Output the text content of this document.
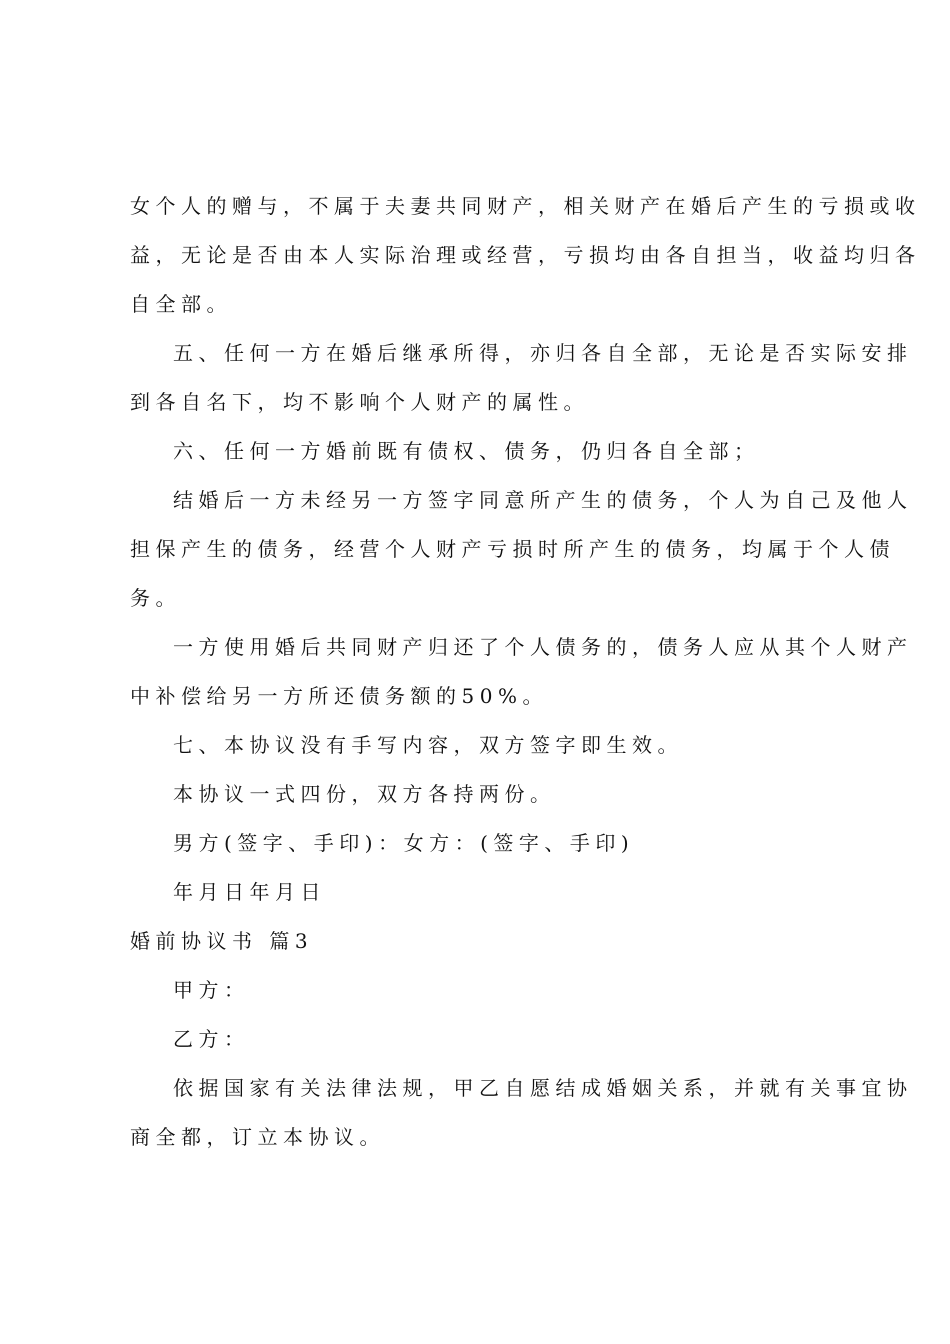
女个人的赠与，不属于夫妻共同财产，相关财产在婚后产生的亏损或收

益，无论是否由本人实际治理或经营，亏损均由各自担当，收益均归各

自全部。

五、任何一方在婚后继承所得，亦归各自全部，无论是否实际安排

到各自名下，均不影响个人财产的属性。

六、任何一方婚前既有债权、债务，仍归各自全部；

结婚后一方未经另一方签字同意所产生的债务，个人为自己及他人

担保产生的债务，经营个人财产亏损时所产生的债务，均属于个人债

务。

一方使用婚后共同财产归还了个人债务的，债务人应从其个人财产

中补偿给另一方所还债务额的50%。

七、本协议没有手写内容，双方签字即生效。

本协议一式四份，双方各持两份。

男方(签字、手印)：女方：(签字、手印)

年月日年月日

婚前协议书 篇3

甲方：

乙方：

依据国家有关法律法规，甲乙自愿结成婚姻关系，并就有关事宜协

商全都，订立本协议。
